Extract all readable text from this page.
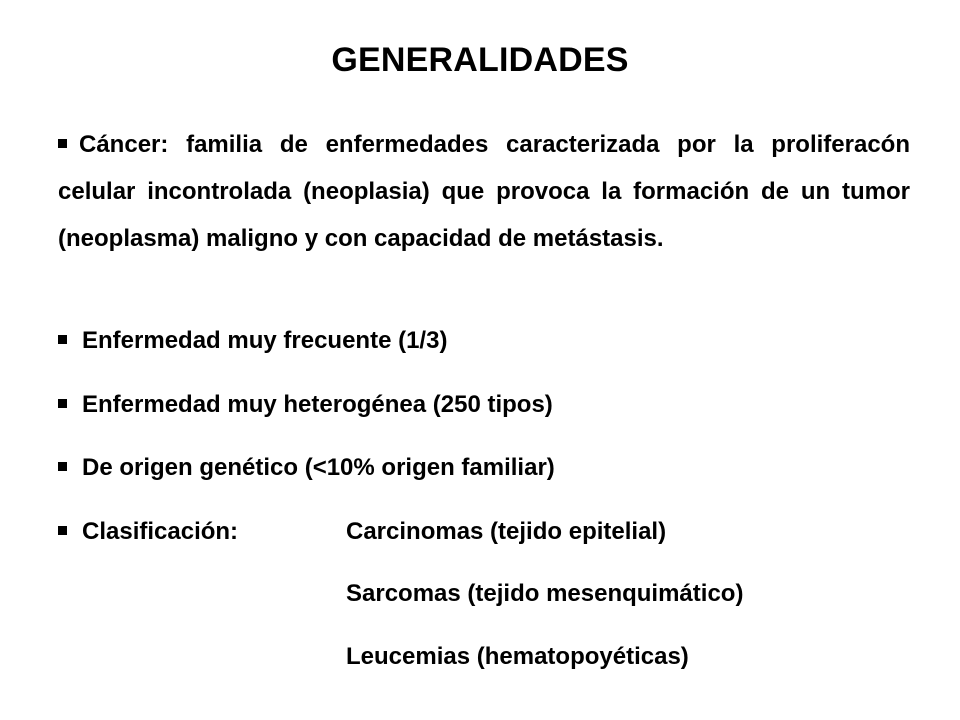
GENERALIDADES
Cáncer: familia de enfermedades caracterizada por la proliferacón celular incontrolada (neoplasia) que provoca la formación de un tumor (neoplasma) maligno y con capacidad de metástasis.
Enfermedad muy frecuente (1/3)
Enfermedad muy heterogénea (250 tipos)
De origen genético (<10% origen familiar)
Clasificación:	Carcinomas (tejido epitelial)
Sarcomas (tejido mesenquimático)
Leucemias (hematopoyéticas)
